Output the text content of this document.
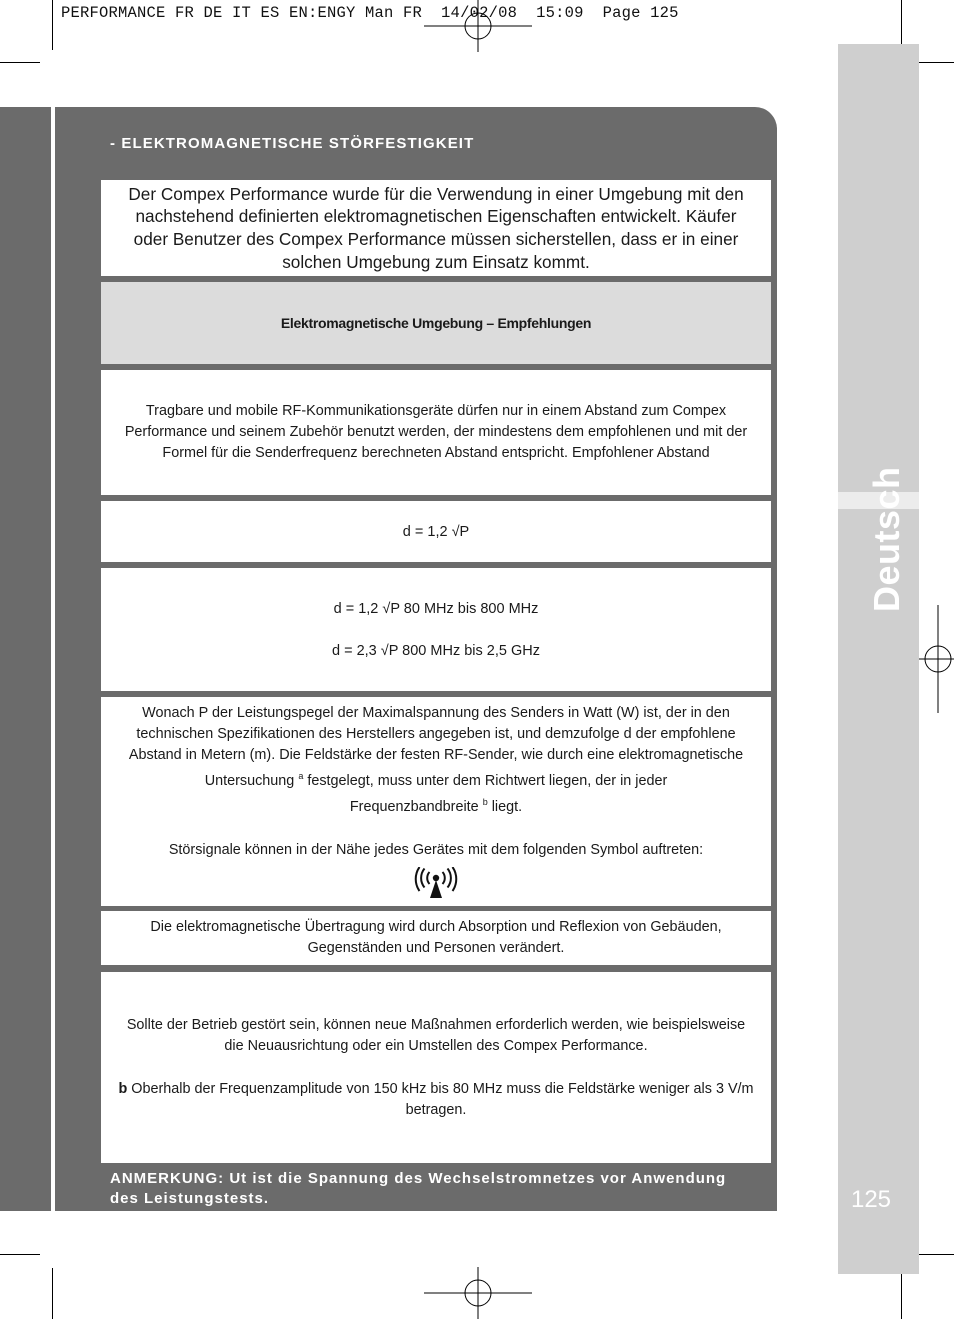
PERFORMANCE FR DE IT ES EN:ENGY Man FR  14/02/08  15:09  Page 125
- ELEKTROMAGNETISCHE STÖRFESTIGKEIT
Der Compex Performance wurde für die Verwendung in einer Umgebung mit den nachstehend definierten elektromagnetischen Eigenschaften entwickelt. Käufer oder Benutzer des Compex Performance müssen sicherstellen, dass er in einer solchen Umgebung zum Einsatz kommt.
Elektromagnetische Umgebung – Empfehlungen
Tragbare und mobile RF-Kommunikationsgeräte dürfen nur in einem Abstand zum Compex Performance und seinem Zubehör benutzt werden, der mindestens dem empfohlenen und mit der Formel für die Senderfrequenz berechneten Abstand entspricht. Empfohlener Abstand
d = 1,2 √P
d = 1,2 √P 80 MHz bis 800 MHz
d = 2,3 √P 800 MHz bis 2,5 GHz
Wonach P der Leistungspegel der Maximalspannung des Senders in Watt (W) ist, der in den technischen Spezifikationen des Herstellers angegeben ist, und demzufolge d der empfohlene Abstand in Metern (m). Die Feldstärke der festen RF-Sender, wie durch eine elektromagnetische
Untersuchung $^a$ festgelegt, muss unter dem Richtwert liegen, der in jeder
Frequenzbandbreite $^b$ liegt.
Störsignale können in der Nähe jedes Gerätes mit dem folgenden Symbol auftreten:
Die elektromagnetische Übertragung wird durch Absorption und Reflexion von Gebäuden, Gegenständen und Personen verändert.
Sollte der Betrieb gestört sein, können neue Maßnahmen erforderlich werden, wie beispielsweise die Neuausrichtung oder ein Umstellen des Compex Performance.
b Oberhalb der Frequenzamplitude von 150 kHz bis 80 MHz muss die Feldstärke weniger als 3 V/m betragen.
ANMERKUNG: Ut ist die Spannung des Wechselstromnetzes vor Anwendung des Leistungstests.
Deutsch
125
